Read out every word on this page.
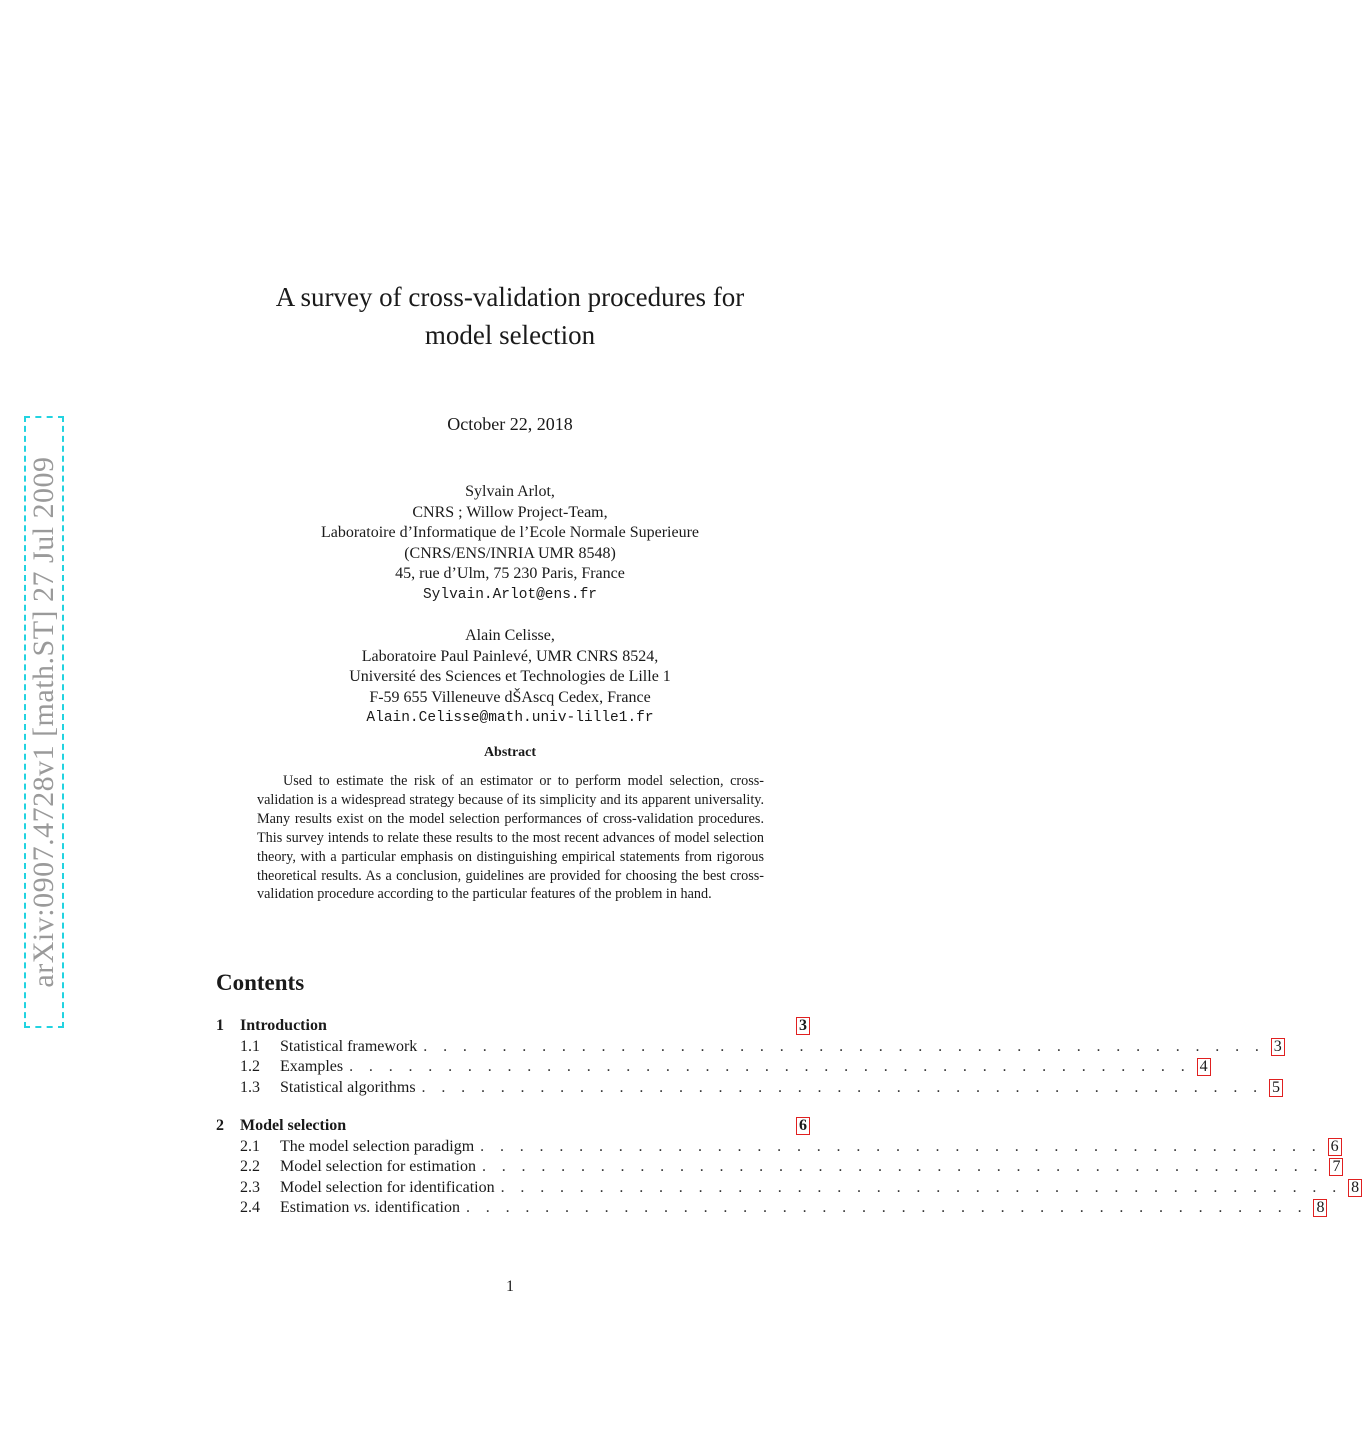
arXiv:0907.4728v1 [math.ST] 27 Jul 2009
A survey of cross-validation procedures for
model selection
October 22, 2018
Sylvain Arlot,
CNRS ; Willow Project-Team,
Laboratoire d’Informatique de l’Ecole Normale Superieure
(CNRS/ENS/INRIA UMR 8548)
45, rue d’Ulm, 75 230 Paris, France
Sylvain.Arlot@ens.fr
Alain Celisse,
Laboratoire Paul Painlevé, UMR CNRS 8524,
Université des Sciences et Technologies de Lille 1
F-59 655 Villeneuve dŠAscq Cedex, France
Alain.Celisse@math.univ-lille1.fr
Abstract
Used to estimate the risk of an estimator or to perform model selection, cross-validation is a widespread strategy because of its simplicity and its apparent universality. Many results exist on the model selection performances of cross-validation procedures. This survey intends to relate these results to the most recent advances of model selection theory, with a particular emphasis on distinguishing empirical statements from rigorous theoretical results. As a conclusion, guidelines are provided for choosing the best cross-validation procedure according to the particular features of the problem in hand.
Contents
1	Introduction	3
1.1	Statistical framework . . . . . . . . . . . . . . . . . . . . . . . . . . . . . . . . . . . . . . . . . . . 3
1.2	Examples . . . . . . . . . . . . . . . . . . . . . . . . . . . . . . . . . . . . . . . . . . . 4
1.3	Statistical algorithms . . . . . . . . . . . . . . . . . . . . . . . . . . . . . . . . . . . . . . . . . . . 5
2	Model selection	6
2.1	The model selection paradigm . . . . . . . . . . . . . . . . . . . . . . . . . . . . . . . . . . . . . . . . . . . 6
2.2	Model selection for estimation . . . . . . . . . . . . . . . . . . . . . . . . . . . . . . . . . . . . . . . . . . . 7
2.3	Model selection for identification . . . . . . . . . . . . . . . . . . . . . . . . . . . . . . . . . . . . . . . . . . . 8
2.4	Estimation vs. identification . . . . . . . . . . . . . . . . . . . . . . . . . . . . . . . . . . . . . . . . . . . 8
1
